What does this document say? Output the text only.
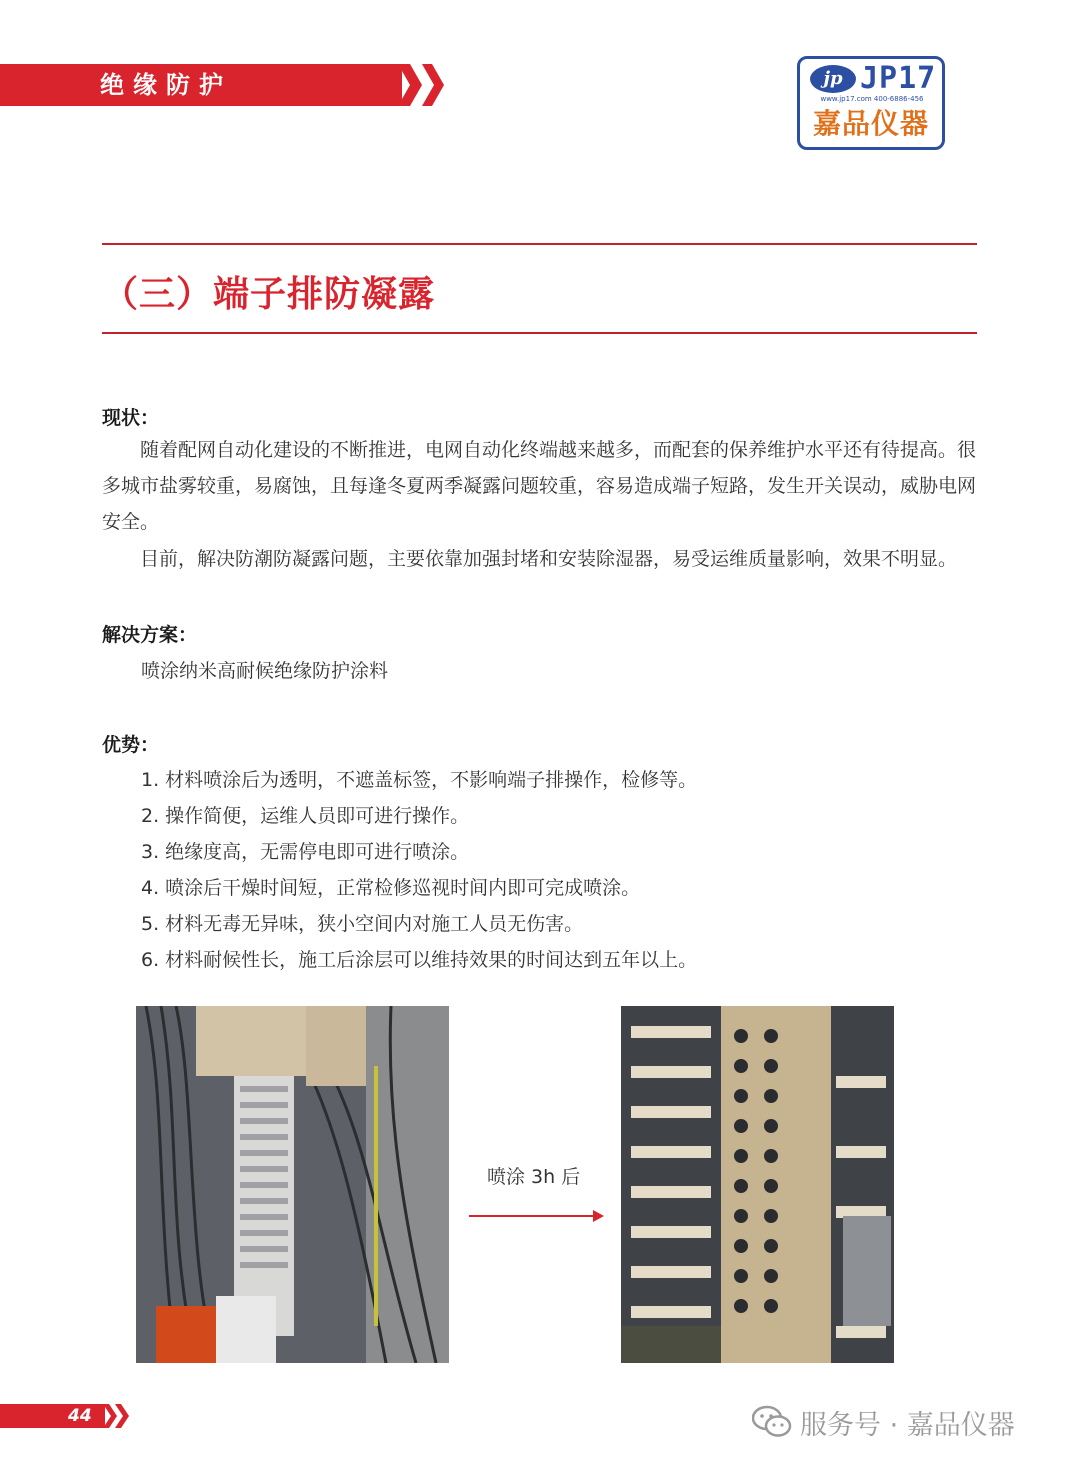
绝缘防护	jp JP17
www.jp17.com 400-6886-456
嘉品仪器
（三）端子排防凝露
现状：
随着配网自动化建设的不断推进，电网自动化终端越来越多，而配套的保养维护水平还有待提高。很多城市盐雾较重，易腐蚀，且每逢冬夏两季凝露问题较重，容易造成端子短路，发生开关误动，威胁电网安全。
目前，解决防潮防凝露问题，主要依靠加强封堵和安装除湿器，易受运维质量影响，效果不明显。
解决方案：
喷涂纳米高耐候绝缘防护涂料
优势：
1. 材料喷涂后为透明，不遮盖标签，不影响端子排操作，检修等。
2. 操作简便，运维人员即可进行操作。
3. 绝缘度高，无需停电即可进行喷涂。
4. 喷涂后干燥时间短，正常检修巡视时间内即可完成喷涂。
5. 材料无毒无异味，狭小空间内对施工人员无伤害。
6. 材料耐候性长，施工后涂层可以维持效果的时间达到五年以上。
喷涂 3h 后
44	服务号 · 嘉品仪器
